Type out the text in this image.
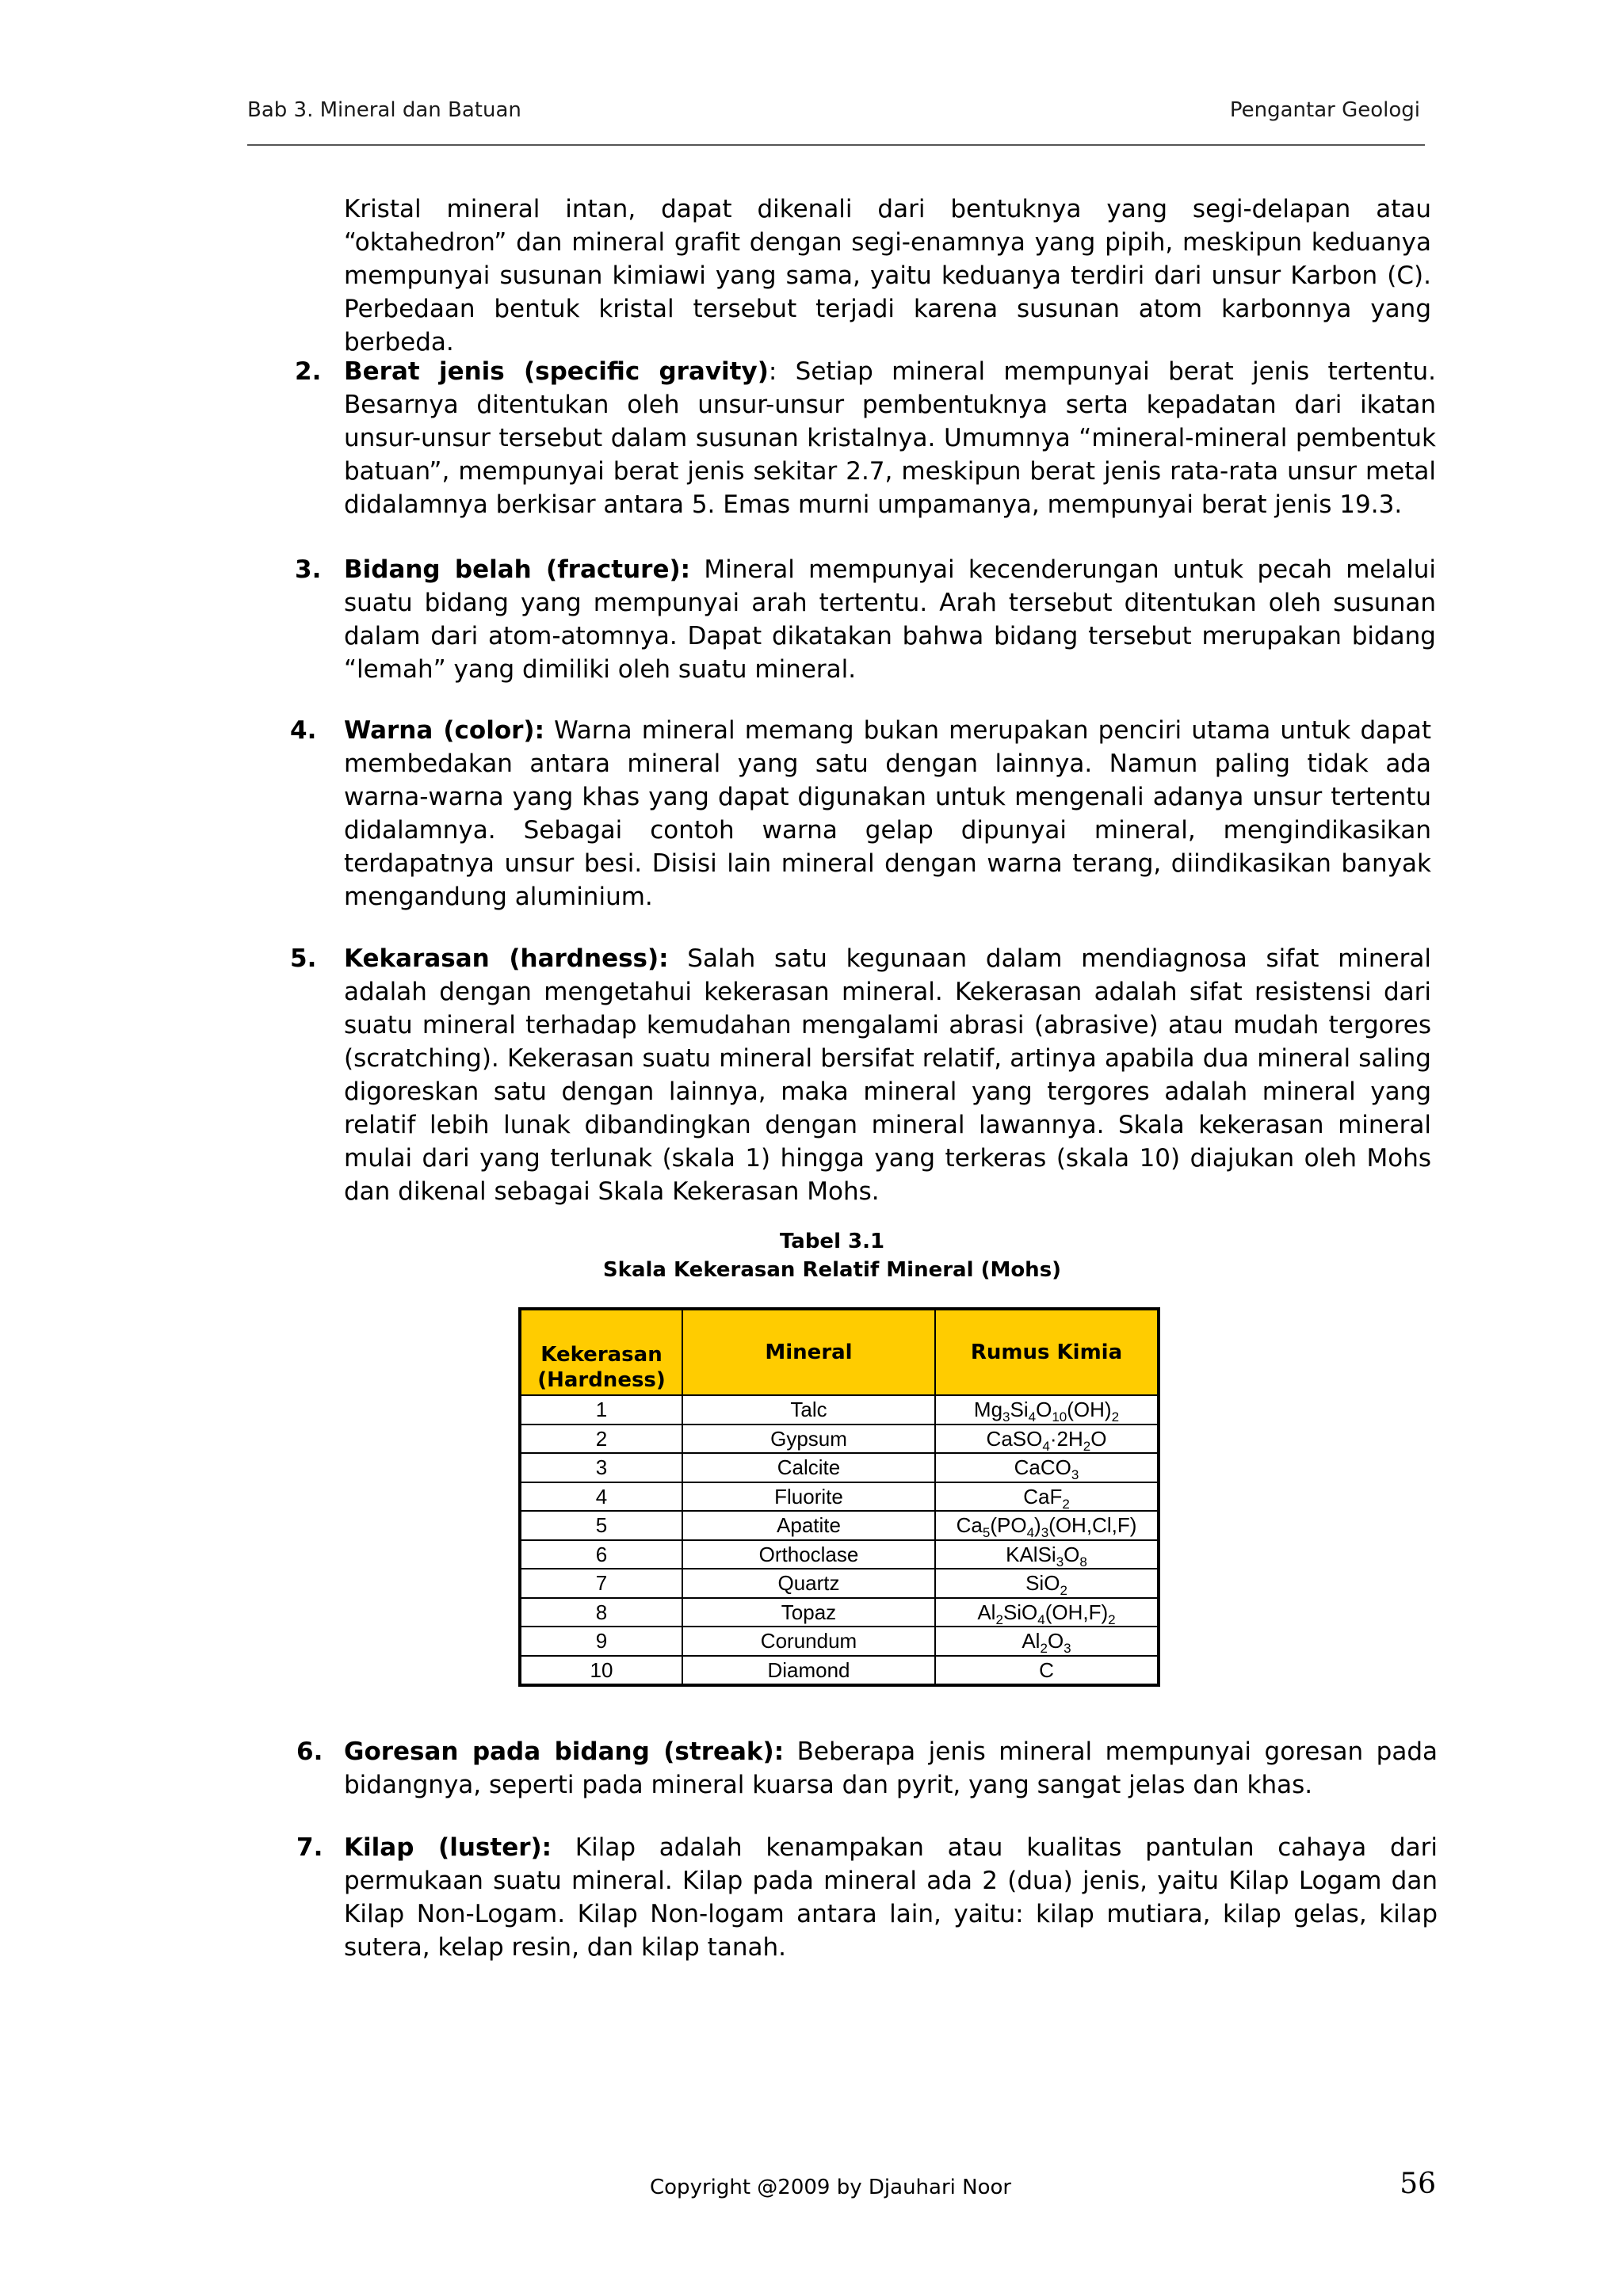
Bab 3. Mineral dan Batuan	Pengantar Geologi

Kristal mineral intan, dapat dikenali dari bentuknya yang segi-delapan atau “oktahedron” dan mineral grafit dengan segi-enamnya yang pipih, meskipun keduanya mempunyai susunan kimiawi yang sama, yaitu keduanya terdiri dari unsur Karbon (C). Perbedaan bentuk kristal tersebut terjadi karena susunan atom karbonnya yang berbeda.

2. Berat jenis (specific gravity): Setiap mineral mempunyai berat jenis tertentu. Besarnya ditentukan oleh unsur-unsur pembentuknya serta kepadatan dari ikatan unsur-unsur tersebut dalam susunan kristalnya. Umumnya “mineral-mineral pembentuk batuan”, mempunyai berat jenis sekitar 2.7, meskipun berat jenis rata-rata unsur metal didalamnya berkisar antara 5. Emas murni umpamanya, mempunyai berat jenis 19.3.
3. Bidang belah (fracture): Mineral mempunyai kecenderungan untuk pecah melalui suatu bidang yang mempunyai arah tertentu. Arah tersebut ditentukan oleh susunan dalam dari atom-atomnya. Dapat dikatakan bahwa bidang tersebut merupakan bidang “lemah” yang dimiliki oleh suatu mineral.
4. Warna (color): Warna mineral memang bukan merupakan penciri utama untuk dapat membedakan antara mineral yang satu dengan lainnya. Namun paling tidak ada warna-warna yang khas yang dapat digunakan untuk mengenali adanya unsur tertentu didalamnya. Sebagai contoh warna gelap dipunyai mineral, mengindikasikan terdapatnya unsur besi. Disisi lain mineral dengan warna terang, diindikasikan banyak mengandung aluminium.
5. Kekarasan (hardness): Salah satu kegunaan dalam mendiagnosa sifat mineral adalah dengan mengetahui kekerasan mineral. Kekerasan adalah sifat resistensi dari suatu mineral terhadap kemudahan mengalami abrasi (abrasive) atau mudah tergores (scratching). Kekerasan suatu mineral bersifat relatif, artinya apabila dua mineral saling digoreskan satu dengan lainnya, maka mineral yang tergores adalah mineral yang relatif lebih lunak dibandingkan dengan mineral lawannya. Skala kekerasan mineral mulai dari yang terlunak (skala 1) hingga yang terkeras (skala 10) diajukan oleh Mohs dan dikenal sebagai Skala Kekerasan Mohs.
Tabel 3.1
Skala Kekerasan Relatif Mineral (Mohs)
Kekerasan (Hardness)	Mineral	Rumus Kimia
1	Talc	$Mg_3Si_4O_{10}(OH)_2$
2	Gypsum	$CaSO_4\cdot 2H_2O$
3	Calcite	CaCO$_3$
4	Fluorite	CaF$_2$
5	Apatite	$Ca_5(PO_4)_3(OH,Cl,F)$
6	Orthoclase	$KAlSi_3O_8$
7	Quartz	SiO$_2$
8	Topaz	$Al_2SiO_4(OH,F)_2$
9	Corundum	$Al_2O_3$
10	Diamond	C
6. Goresan pada bidang (streak): Beberapa jenis mineral mempunyai goresan pada bidangnya, seperti pada mineral kuarsa dan pyrit, yang sangat jelas dan khas.
7. Kilap (luster): Kilap adalah kenampakan atau kualitas pantulan cahaya dari permukaan suatu mineral. Kilap pada mineral ada 2 (dua) jenis, yaitu Kilap Logam dan Kilap Non-Logam. Kilap Non-logam antara lain, yaitu: kilap mutiara, kilap gelas, kilap sutera, kelap resin, dan kilap tanah.
Copyright @2009 by Djauhari Noor	56
